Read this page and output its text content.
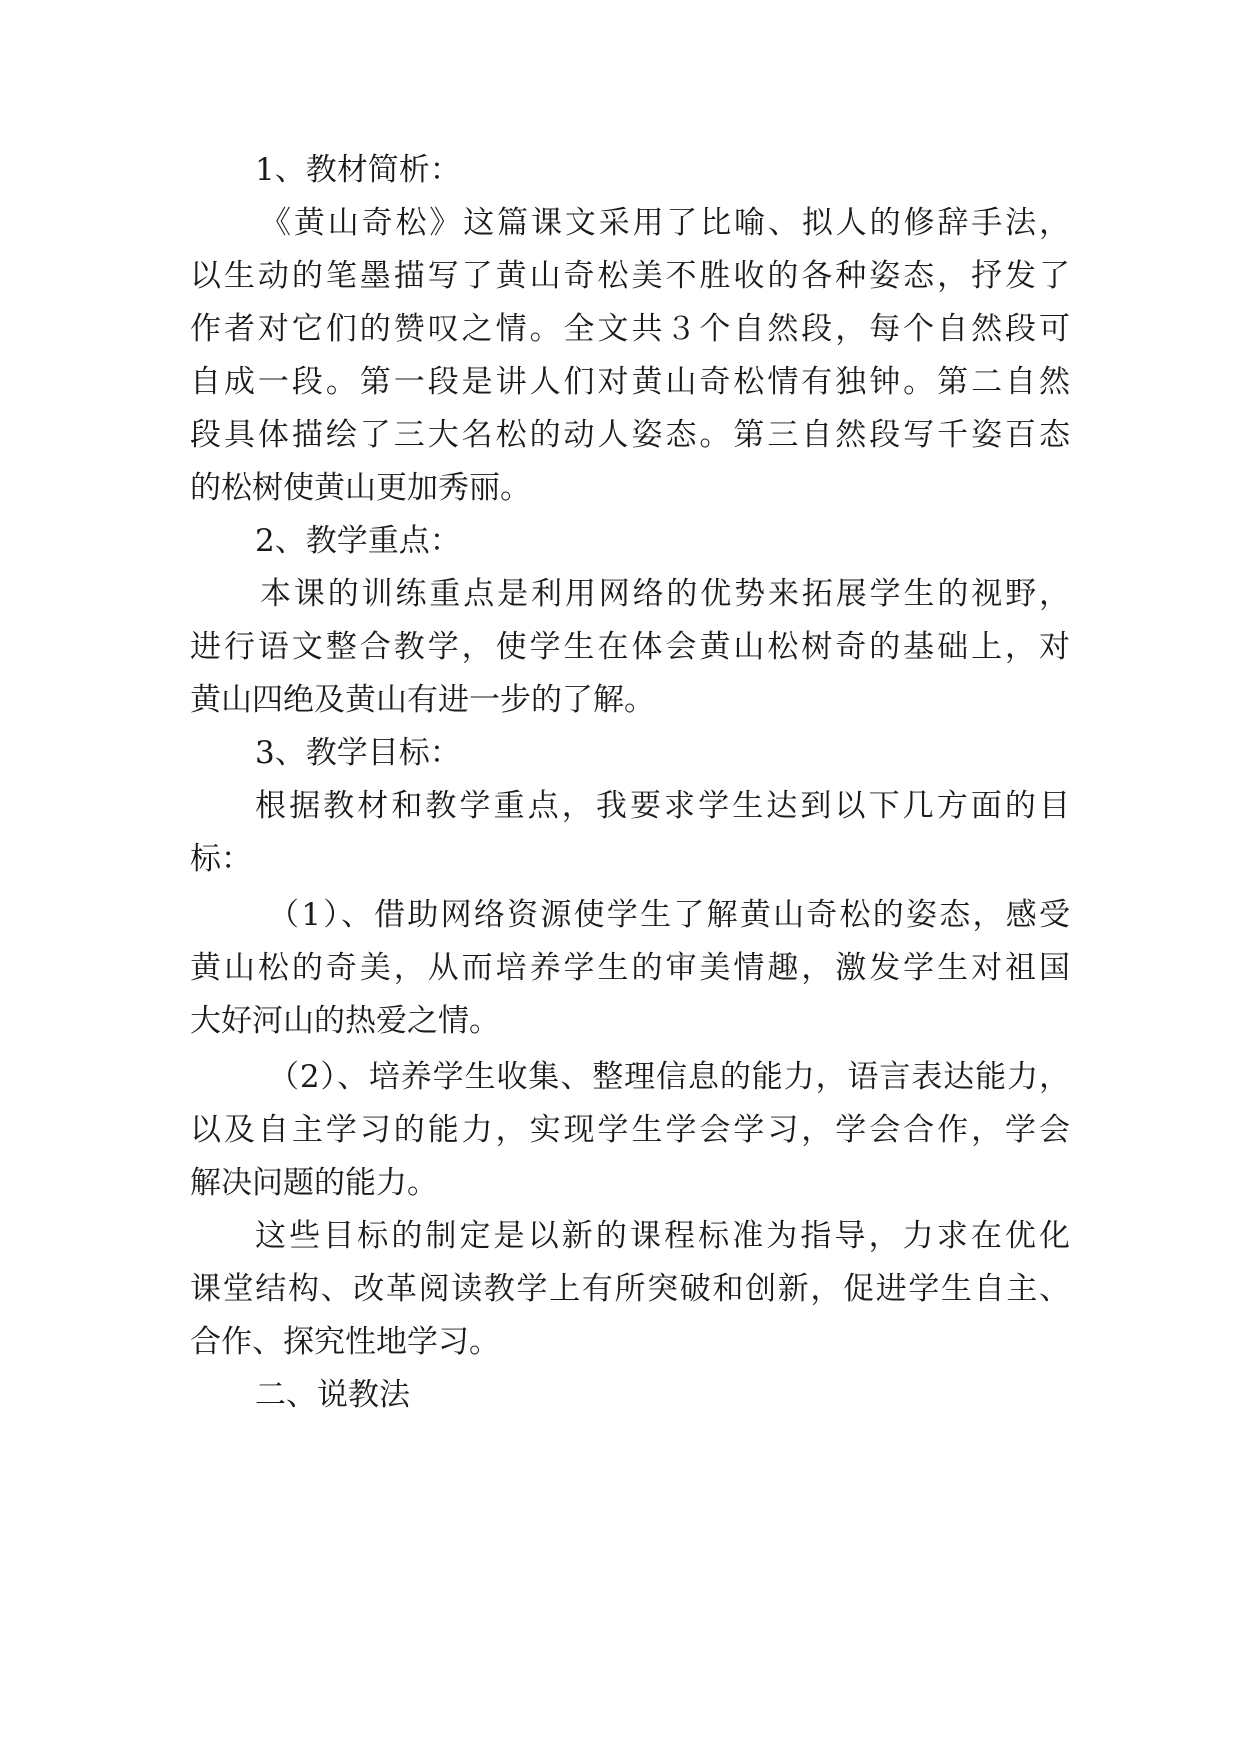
1、教材简析：
《黄山奇松》这篇课文采用了比喻、拟人的修辞手法，
以生动的笔墨描写了黄山奇松美不胜收的各种姿态，抒发了
作者对它们的赞叹之情。全文共３个自然段，每个自然段可
自成一段。第一段是讲人们对黄山奇松情有独钟。第二自然
段具体描绘了三大名松的动人姿态。第三自然段写千姿百态
的松树使黄山更加秀丽。
2、教学重点：
本课的训练重点是利用网络的优势来拓展学生的视野，
进行语文整合教学，使学生在体会黄山松树奇的基础上，对
黄山四绝及黄山有进一步的了解。
3、教学目标：
根据教材和教学重点，我要求学生达到以下几方面的目
标：
（1）、借助网络资源使学生了解黄山奇松的姿态，感受
黄山松的奇美，从而培养学生的审美情趣，激发学生对祖国
大好河山的热爱之情。
（2）、培养学生收集、整理信息的能力，语言表达能力，
以及自主学习的能力，实现学生学会学习，学会合作，学会
解决问题的能力。
这些目标的制定是以新的课程标准为指导，力求在优化
课堂结构、改革阅读教学上有所突破和创新，促进学生自主、
合作、探究性地学习。
二、说教法
